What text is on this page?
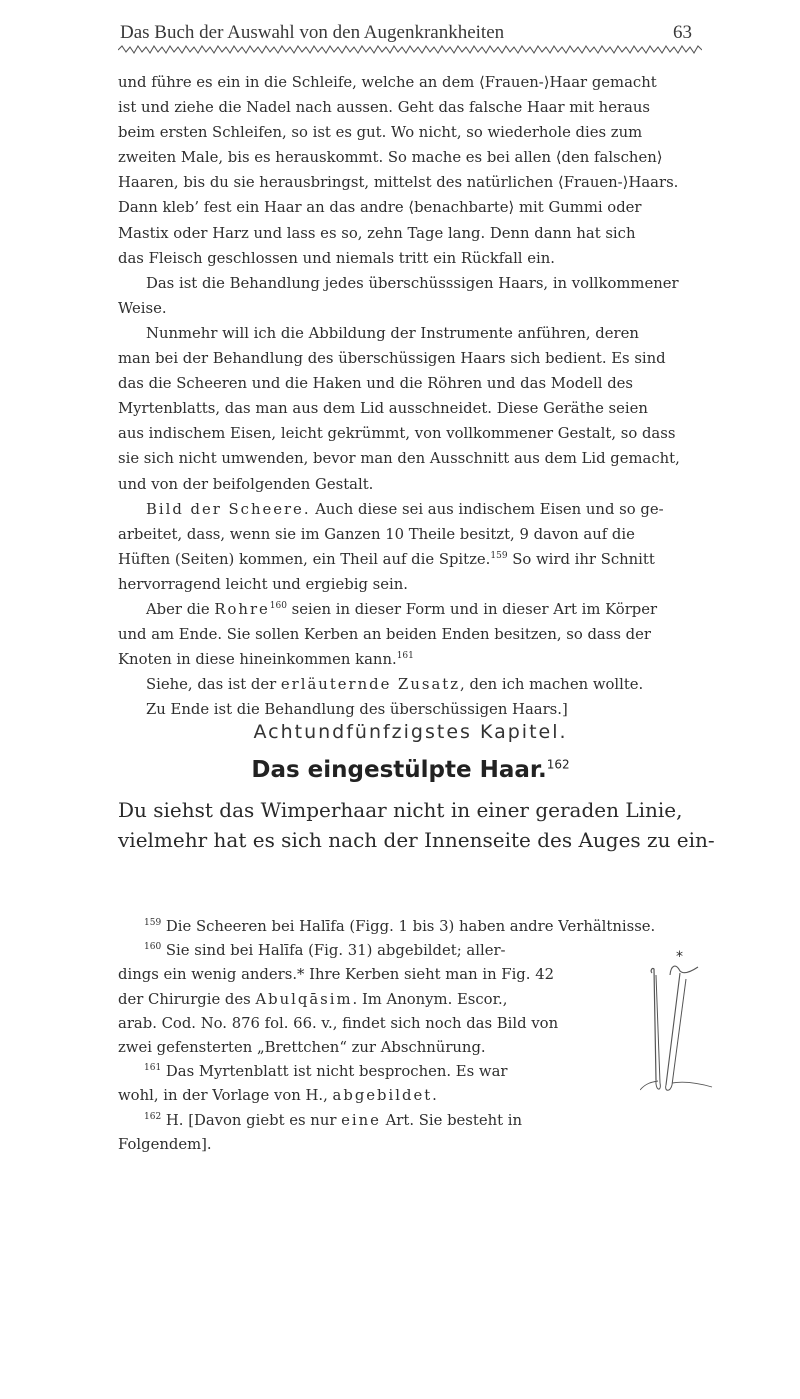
Das Buch der Auswahl von den Augenkrankheiten	63
und führe es ein in die Schleife, welche an dem ⟨Frauen-⟩Haar gemacht
ist und ziehe die Nadel nach aussen. Geht das falsche Haar mit heraus
beim ersten Schleifen, so ist es gut. Wo nicht, so wiederhole dies zum
zweiten Male, bis es herauskommt. So mache es bei allen ⟨den falschen⟩
Haaren, bis du sie herausbringst, mittelst des natürlichen ⟨Frauen-⟩Haars.
Dann kleb’ fest ein Haar an das andre ⟨benachbarte⟩ mit Gummi oder
Mastix oder Harz und lass es so, zehn Tage lang. Denn dann hat sich
das Fleisch geschlossen und niemals tritt ein Rückfall ein.
Das ist die Behandlung jedes überschüsssigen Haars, in vollkommener
Weise.
Nunmehr will ich die Abbildung der Instrumente anführen, deren
man bei der Behandlung des überschüssigen Haars sich bedient. Es sind
das die Scheeren und die Haken und die Röhren und das Modell des
Myrtenblatts, das man aus dem Lid ausschneidet. Diese Geräthe seien
aus indischem Eisen, leicht gekrümmt, von vollkommener Gestalt, so dass
sie sich nicht umwenden, bevor man den Ausschnitt aus dem Lid gemacht,
und von der beifolgenden Gestalt.
Bild der Scheere. Auch diese sei aus indischem Eisen und so ge-
arbeitet, dass, wenn sie im Ganzen 10 Theile besitzt, 9 davon auf die
Hüften (Seiten) kommen, ein Theil auf die Spitze.$^{159}$ So wird ihr Schnitt
hervorragend leicht und ergiebig sein.
Aber die Rohre$^{160}$ seien in dieser Form und in dieser Art im Körper
und am Ende. Sie sollen Kerben an beiden Enden besitzen, so dass der
Knoten in diese hineinkommen kann.$^{161}$
Siehe, das ist der erläuternde Zusatz, den ich machen wollte.
Zu Ende ist die Behandlung des überschüssigen Haars.]
Achtundfünfzigstes Kapitel.
Das eingestülpte Haar.$^{162}$
Du siehst das Wimperhaar nicht in einer geraden Linie,
vielmehr hat es sich nach der Innenseite des Auges zu ein-
$^{159}$ Die Scheeren bei Halīfa (Figg. 1 bis 3) haben andre Verhältnisse.
$^{160}$ Sie sind bei Halīfa (Fig. 31) abgebildet; aller-
dings ein wenig anders.* Ihre Kerben sieht man in Fig. 42
der Chirurgie des Abulqāsim. Im Anonym. Escor.,
arab. Cod. No. 876 fol. 66. v., findet sich noch das Bild von
zwei gefensterten „Brettchen“ zur Abschnürung.
$^{161}$ Das Myrtenblatt ist nicht besprochen. Es war
wohl, in der Vorlage von H., abgebildet.
$^{162}$ H. [Davon giebt es nur eine Art. Sie besteht in
Folgendem].
*
